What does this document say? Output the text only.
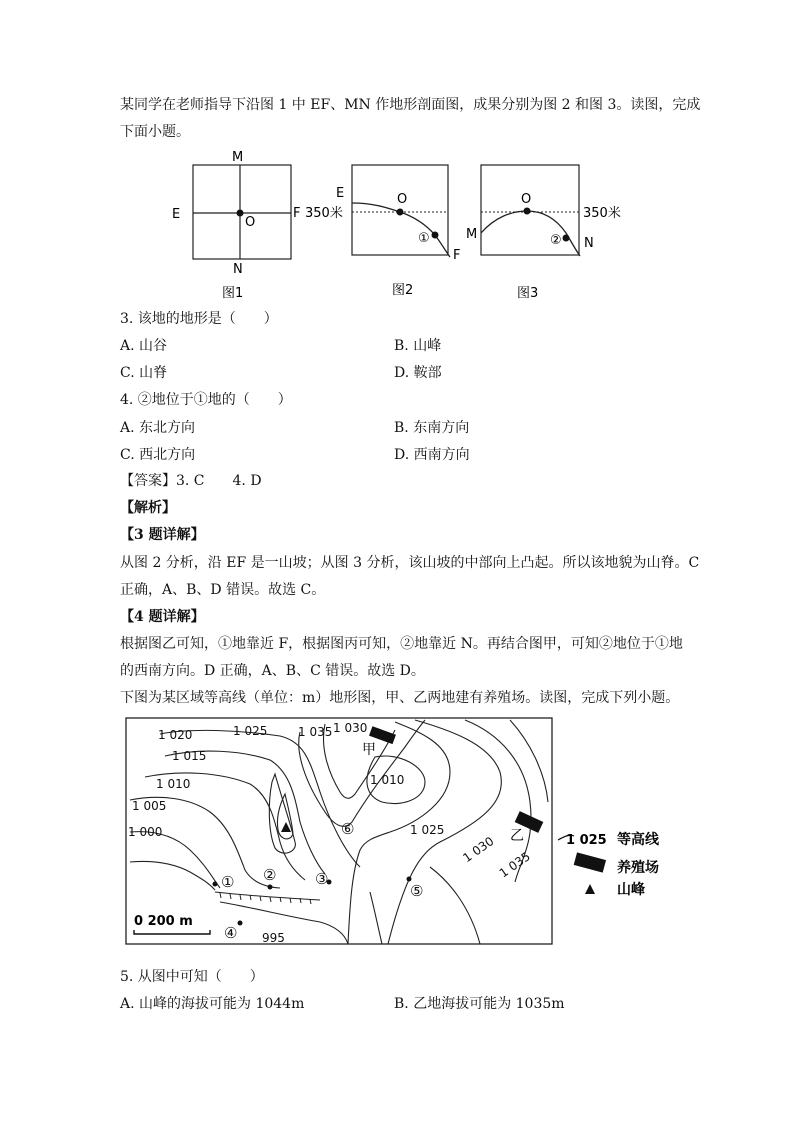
某同学在老师指导下沿图 1 中 EF、MN 作地形剖面图，成果分别为图 2 和图 3。读图，完成
下面小题。
M
E
O
F
N
图1
350米
E	O
①
F
图2
M
O
② N
350米
图3
3. 该地的地形是（　　）
A. 山谷	B. 山峰
C. 山脊	D. 鞍部
4. ②地位于①地的（　　）
A. 东北方向	B. 东南方向
C. 西北方向	D. 西南方向
【答案】3. C　　4. D
【解析】
【3 题详解】
从图 2 分析，沿 EF 是一山坡；从图 3 分析，该山坡的中部向上凸起。所以该地貌为山脊。C
正确，A、B、D 错误。故选 C。
【4 题详解】
根据图乙可知，①地靠近 F，根据图丙可知，②地靠近 N。再结合图甲，可知②地位于①地
的西南方向。D 正确，A、B、C 错误。故选 D。
下图为某区域等高线（单位：m）地形图，甲、乙两地建有养殖场。读图，完成下列小题。
1 020	1 025	1 035 1 030
1 015
1 010
1 005
1 000
1 010
1 025
1 030 1 035
995
甲
乙
① ②	③
④
⑤
⑥
0 200 m
1 025 等高线
养殖场
山峰
5. 从图中可知（　　）
A. 山峰的海拔可能为 1044m	B. 乙地海拔可能为 1035m
